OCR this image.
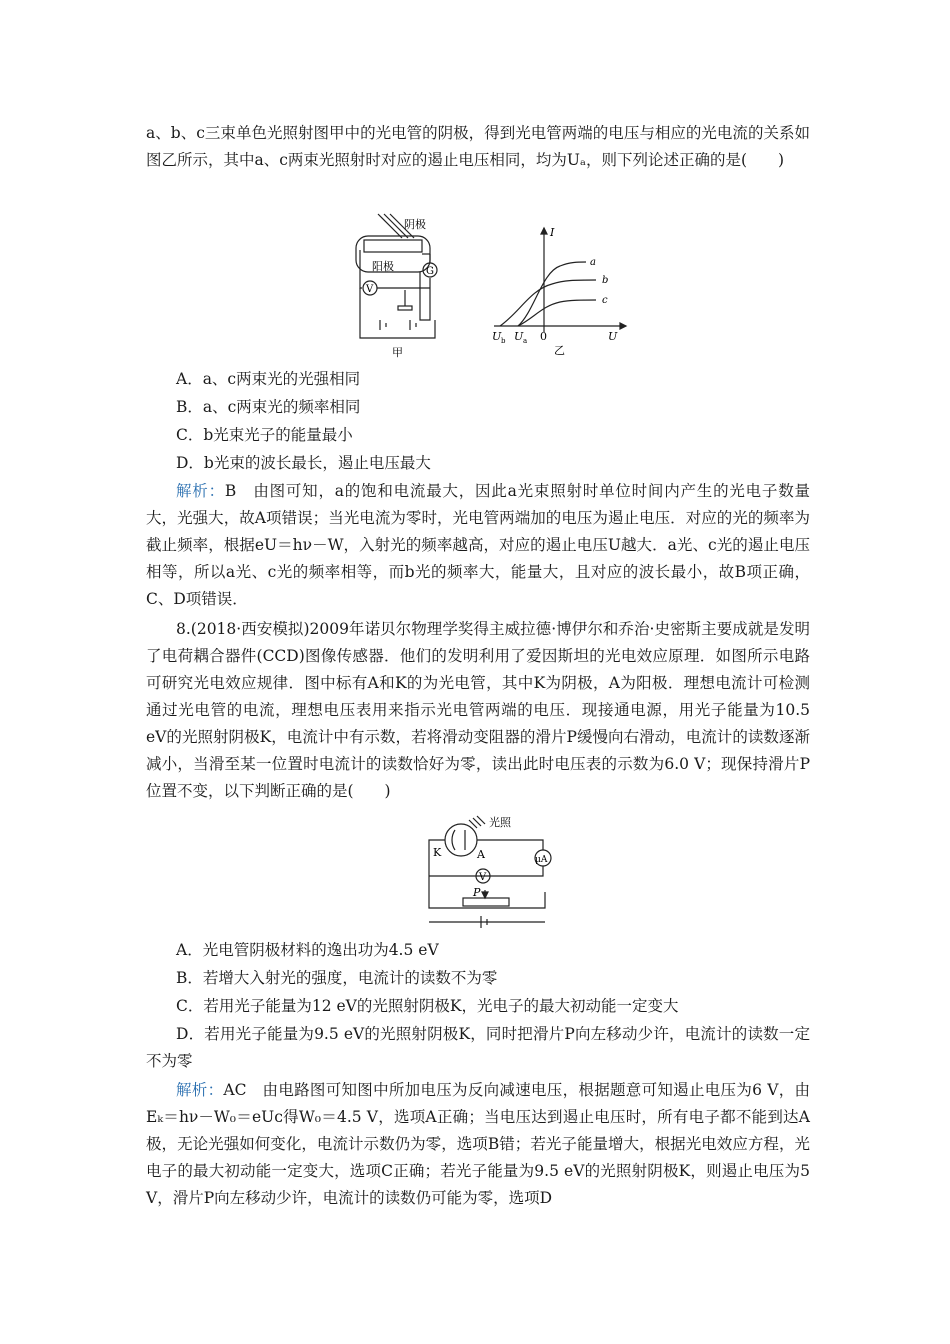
a、b、c三束单色光照射图甲中的光电管的阴极，得到光电管两端的电压与相应的光电流的关系如图乙所示，其中a、c两束光照射时对应的遏止电压相同，均为Uₐ，则下列论述正确的是(　　)

阴极
阳极	G
V
甲
I
U
0
U b U a
a
b
c
乙

A．a、c两束光的光强相同

B．a、c两束光的频率相同

C．b光束光子的能量最小

D．b光束的波长最长，遏止电压最大

解析：B　由图可知，a的饱和电流最大，因此a光束照射时单位时间内产生的光电子数量大，光强大，故A项错误；当光电流为零时，光电管两端加的电压为遏止电压．对应的光的频率为截止频率，根据eU＝hν－W，入射光的频率越高，对应的遏止电压U越大．a光、c光的遏止电压相等，所以a光、c光的频率相等，而b光的频率大，能量大，且对应的波长最小，故B项正确，C、D项错误．

8.(2018·西安模拟)2009年诺贝尔物理学奖得主威拉德·博伊尔和乔治·史密斯主要成就是发明了电荷耦合器件(CCD)图像传感器．他们的发明利用了爱因斯坦的光电效应原理．如图所示电路可研究光电效应规律．图中标有A和K的为光电管，其中K为阴极，A为阳极．理想电流计可检测通过光电管的电流，理想电压表用来指示光电管两端的电压．现接通电源，用光子能量为10.5 eV的光照射阴极K，电流计中有示数，若将滑动变阻器的滑片P缓慢向右滑动，电流计的读数逐渐减小，当滑至某一位置时电流计的读数恰好为零，读出此时电压表的示数为6.0 V；现保持滑片P位置不变，以下判断正确的是(　　)

光照
K	A	μA
V
P

A．光电管阴极材料的逸出功为4.5 eV

B．若增大入射光的强度，电流计的读数不为零

C．若用光子能量为12 eV的光照射阴极K，光电子的最大初动能一定变大

D．若用光子能量为9.5 eV的光照射阴极K，同时把滑片P向左移动少许，电流计的读数一定不为零

解析：AC　由电路图可知图中所加电压为反向减速电压，根据题意可知遏止电压为6 V，由Eₖ＝hν－W₀＝eUᴄ得W₀＝4.5 V，选项A正确；当电压达到遏止电压时，所有电子都不能到达A极，无论光强如何变化，电流计示数仍为零，选项B错；若光子能量增大，根据光电效应方程，光电子的最大初动能一定变大，选项C正确；若光子能量为9.5 eV的光照射阴极K，则遏止电压为5 V，滑片P向左移动少许，电流计的读数仍可能为零，选项D
